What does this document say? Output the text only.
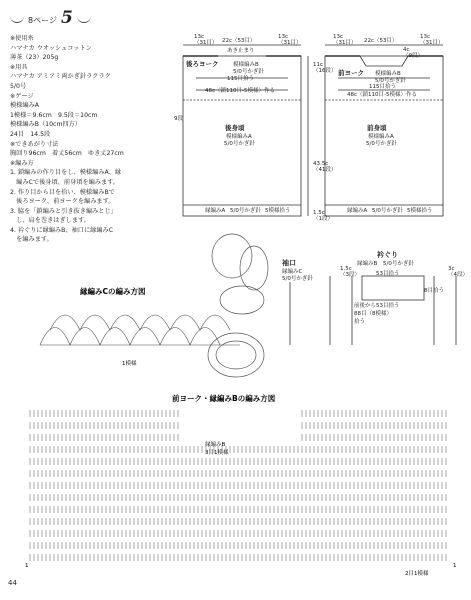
8ページ 5
※使用糸
ハマナカ ウオッシュコットン
薄茶（23）205g
※用具
ハマナカ アミアミ両かぎ針ラクラク
5/0号
※ゲージ
模様編みA
1模様＝9.6cm　9.5段＝10cm
模様編みB（10cm四方）
24目　14.5段
※できあがり寸法
胸回り96cm　着丈56cm　ゆき丈27cm
※編み方
1. 鎖編みの作り目をし、模様編みA、縁
　編みCで後身頃、前身頃を編みます。
2. 作り目から目を拾い、模様編みBで
　後ろヨーク、前ヨークを編みます。
3. 脇を「鎖編みと引き抜き編みとじ」
　し、肩を巻きはぎします。
4. 衿ぐりに縁編みB、袖口に縁編みC
　を編みます。
13c （31目） 22c（53目）
13c （31目）
あき止まり
後ろヨーク	模様編みB
5/0号かぎ針
115目拾う
48c（鎖110目-5模様）作る
9段
後身頃
模様編みA
5/0号かぎ針
縁編みA 5/0号かぎ針 5模様拾う
13c （31目） 22c（53目）
13c （31目）
4c （9段）
11c （16段）
43.5c （41段）
1.5c （1段）
前ヨーク 模様編みB
5/0号かぎ針
115目拾う
48c（鎖110目-5模様）作る
前身頃
模様編みA
5/0号かぎ針
縁編みA 5/0号かぎ針 5模様拾う
袖口
縁編みC
5/0号かぎ針
衿ぐり
縁編みB 5/0号かぎ針
53目拾う
53目拾う
8目拾う
1.5c （3段）
3c （4段）
前後から
88目（8模様）
拾う
縁編みCの編み方図
1模様
前ヨーク・縁編みBの編み方図
縁編みB
3目1模様
2目1模様
1	1
44
